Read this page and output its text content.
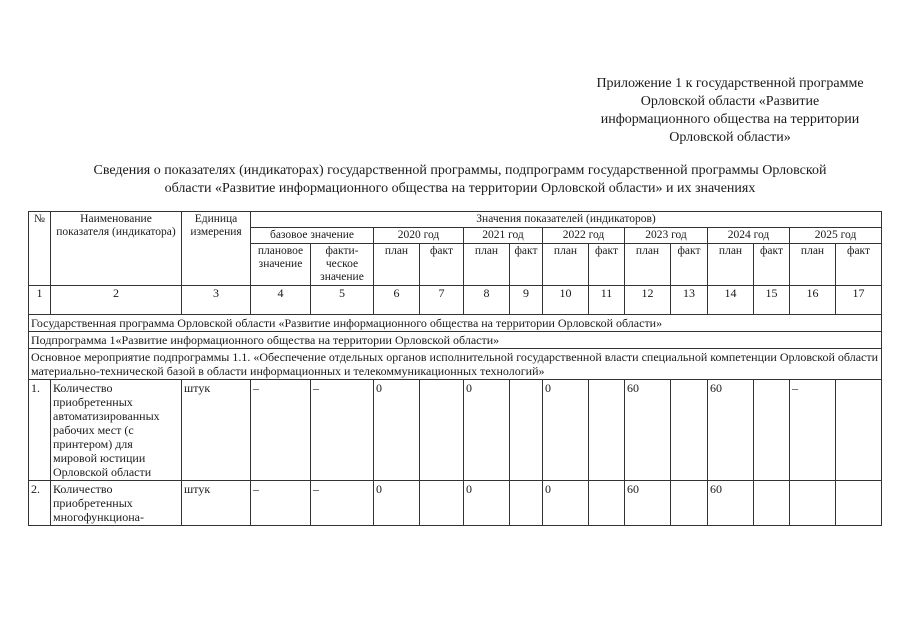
Приложение 1 к государственной программе
Орловской области «Развитие
информационного общества на территории
Орловской области»
Сведения о показателях (индикаторах) государственной программы, подпрограмм государственной программы Орловской
области «Развитие информационного общества на территории Орловской области» и их значениях
№	Наименование показателя (индикатора)	Единица измерения	Значения показателей (индикаторов)													
			базовое значение		2020 год		2021 год		2022 год		2023 год		2024 год		2025 год	
			плановое значение	факти-ческое значение	план	факт	план	факт	план	факт	план	факт	план	факт	план	факт
1	2	3	4	5	6	7	8	9	10	11	12	13	14	15	16	17
Государственная программа Орловской области «Развитие информационного общества на территории Орловской области»																
Подпрограмма 1«Развитие информационного общества на территории Орловской области»																
Основное мероприятие подпрограммы 1.1. «Обеспечение отдельных органов исполнительной государственной власти специальной компетенции Орловской области материально-технической базой в области информационных и телекоммуникационных технологий»																
1.	Количество приобретенных автоматизированных рабочих мест (с принтером) для мировой юстиции Орловской области	штук	–	–	0		0		0		60		60		–	
2.	Количество приобретенных многофункциона-	штук	–	–	0		0		0		60		60			
